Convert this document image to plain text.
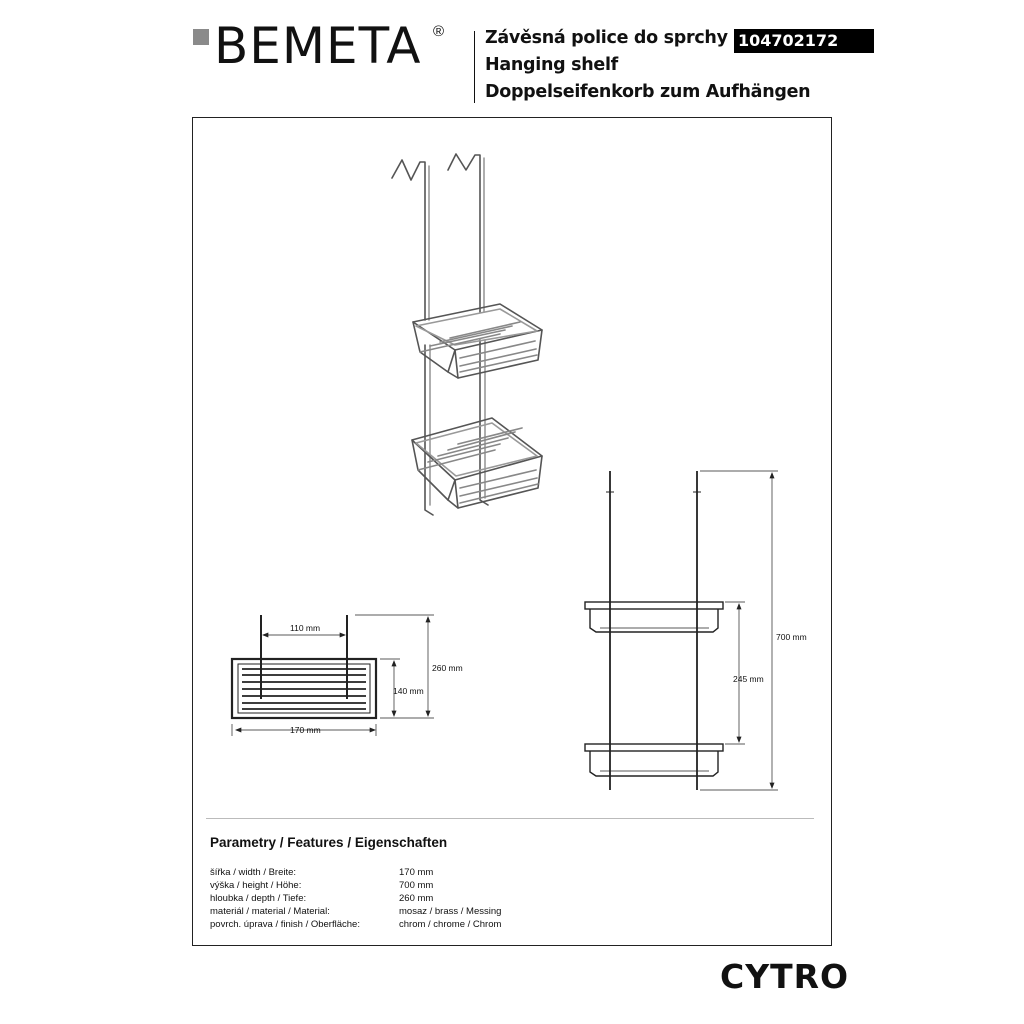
BEMETA ® Závěsná police do sprchy
Hanging shelf
Doppelseifenkorb zum Aufhängen
104702172
110 mm
260 mm
140 mm
170 mm
700 mm
245 mm
Parametry / Features / Eigenschaften
šířka / width / Breite:	170 mm
výška / height / Höhe:	700 mm
hloubka / depth / Tiefe:	260 mm
materiál / material / Material:	mosaz / brass / Messing
povrch. úprava / finish / Oberfläche:	chrom / chrome / Chrom
CYTRO
